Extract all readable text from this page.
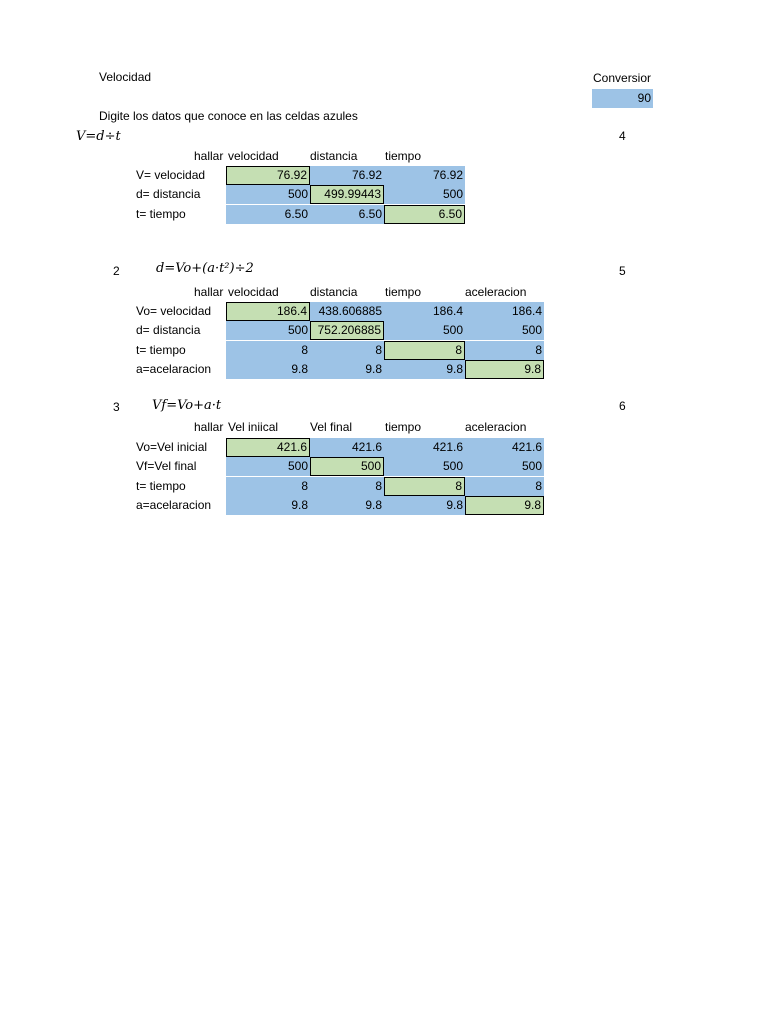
Velocidad
Digite los datos que conoce en las celdas azules
Conversior
90
4
5
6
V=d÷t
hallar velocidad	distancia tiempo
V= velocidad	76.92	76.92	76.92
d= distancia	500	499.99443	500
t= tiempo	6.50	6.50	6.50
2	d=Vo+(a·t²)÷2
hallar velocidad	distancia tiempo	aceleracion
Vo= velocidad	186.4 438.606885	186.4	186.4
d= distancia	500 752.206885	500	500
t= tiempo	8	8	8	8
a=acelaracion	9.8	9.8	9.8	9.8
3 Vf=Vo+a·t
hallar Vel iniical	Vel final	tiempo	aceleracion
Vo=Vel inicial	421.6	421.6	421.6	421.6
Vf=Vel final	500	500	500	500
t= tiempo	8	8	8	8
a=acelaracion	9.8	9.8	9.8	9.8
